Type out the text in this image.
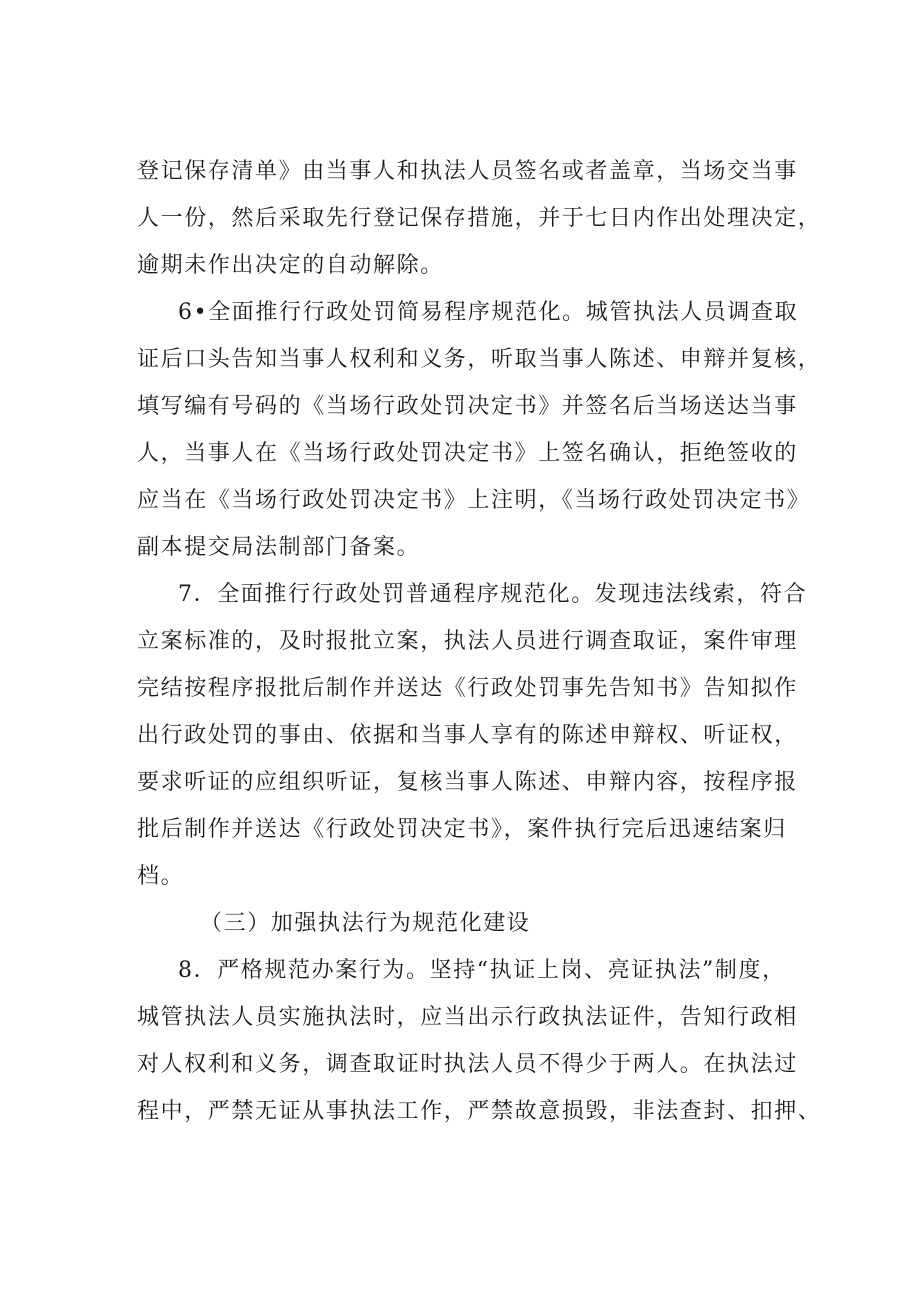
登记保存清单》由当事人和执法人员签名或者盖章，当场交当事
人一份，然后采取先行登记保存措施，并于七日内作出处理决定，
逾期未作出决定的自动解除。
6•全面推行行政处罚简易程序规范化。城管执法人员调查取
证后口头告知当事人权利和义务，听取当事人陈述、申辩并复核，
填写编有号码的《当场行政处罚决定书》并签名后当场送达当事
人，当事人在《当场行政处罚决定书》上签名确认，拒绝签收的
应当在《当场行政处罚决定书》上注明，《当场行政处罚决定书》
副本提交局法制部门备案。
7．全面推行行政处罚普通程序规范化。发现违法线索，符合
立案标准的，及时报批立案，执法人员进行调查取证，案件审理
完结按程序报批后制作并送达《行政处罚事先告知书》告知拟作
出行政处罚的事由、依据和当事人享有的陈述申辩权、听证权，
要求听证的应组织听证，复核当事人陈述、申辩内容，按程序报
批后制作并送达《行政处罚决定书》，案件执行完后迅速结案归
档。
（三）加强执法行为规范化建设
8．严格规范办案行为。坚持“执证上岗、亮证执法”制度，
城管执法人员实施执法时，应当出示行政执法证件，告知行政相
对人权利和义务，调查取证时执法人员不得少于两人。在执法过
程中，严禁无证从事执法工作，严禁故意损毁，非法查封、扣押、
